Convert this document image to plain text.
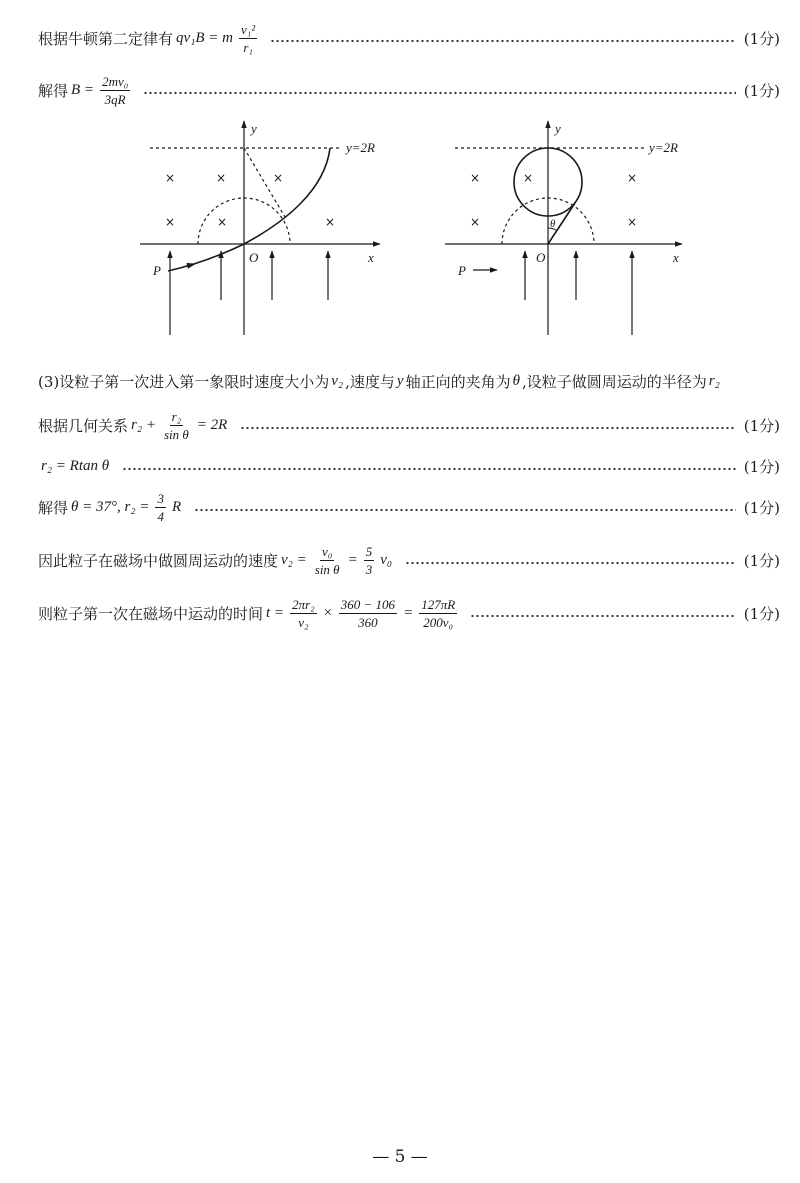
根据牛顿第二定律有 qv₁B = m $\frac{\text{v₁²}}{\text{r₁}}$	(1分)
解得 $B = \frac{\text{2mv₀}}{3qR}$	(1分)
P
O	x
y
y=2R
×	×	×
×	×	×
P
O	x
y
y=2R
θ
×	×	×
×	×
(3)设粒子第一次进入第一象限时速度大小为 v₂ ,速度与 y 轴正向的夹角为 θ ,设粒子做圆周运动的半径为 r₂
根据几何关系 $r_2 + \frac{\text{r₂}}{\text{sin θ}} = 2R$	(1分)
r₂ = Rtan θ	(1分)
解得 θ = 37°, $r_2 = \frac{3}{4}$ R	(1分)
因此粒子在磁场中做圆周运动的速度 $v_2 = \frac{\text{v₀}}{\text{sin θ}} = \frac{5}{3} v_0$	(1分)
则粒子第一次在磁场中运动的时间 $t = \frac{\text{2πr₂}}{\text{v₂}} \times \frac{360 - 106}{360} = \frac{127\pi R}{\text{200v₀}}$	(1分)
— 5 —
